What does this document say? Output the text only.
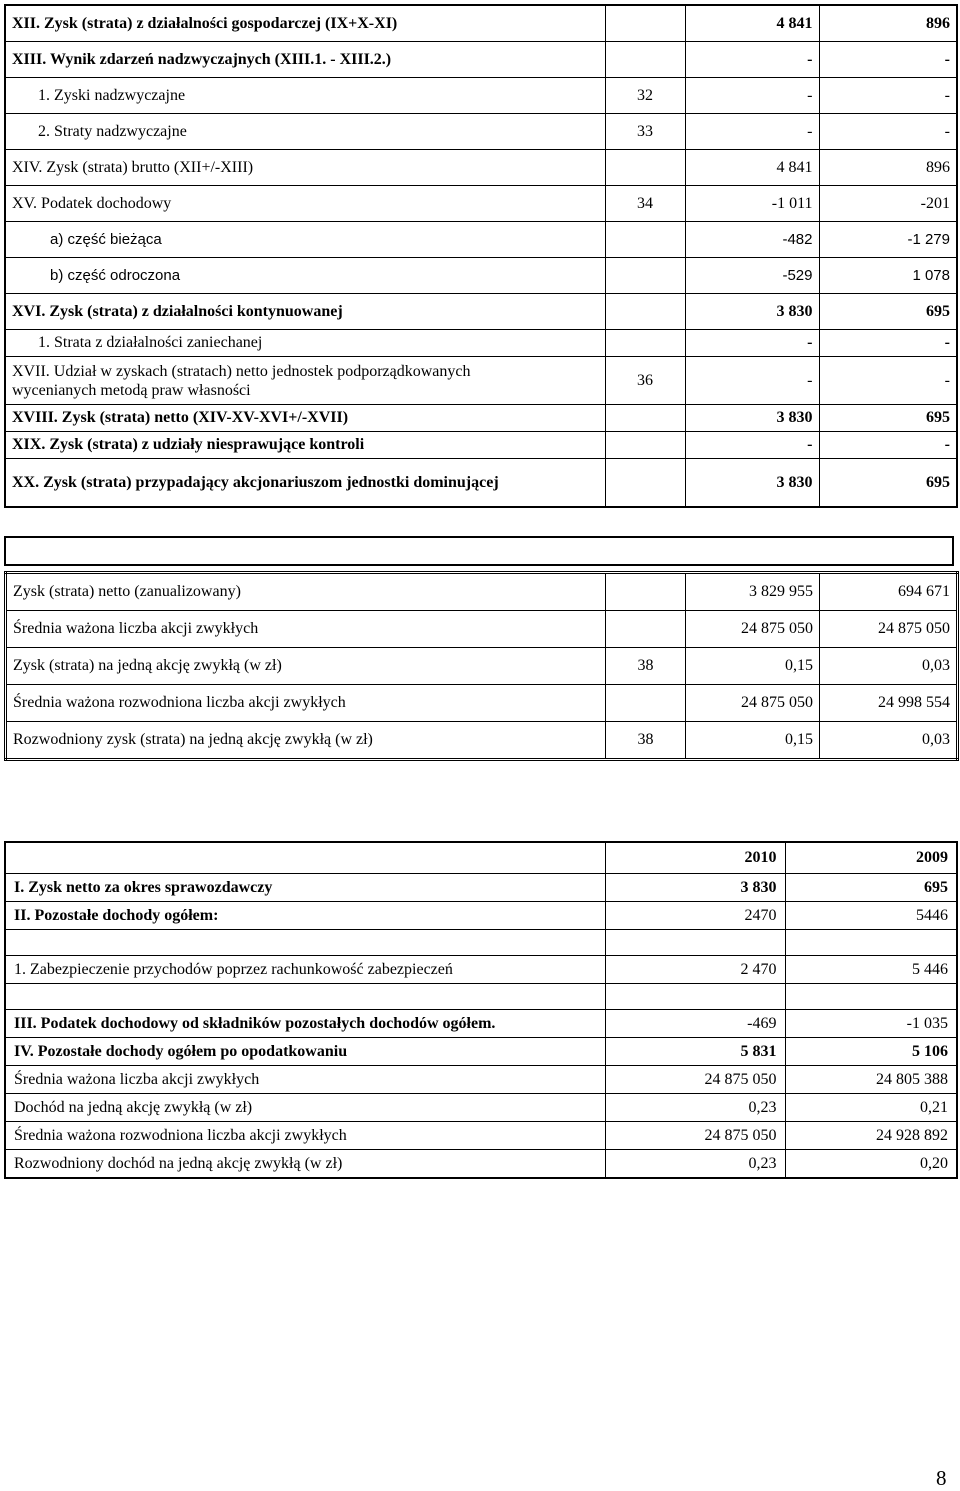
XII. Zysk (strata) z działalności gospodarczej (IX+X-XI)		4 841	896
XIII. Wynik zdarzeń nadzwyczajnych (XIII.1. - XIII.2.)		-	-
1. Zyski nadzwyczajne	32	-	-
2. Straty nadzwyczajne	33	-	-
XIV. Zysk (strata) brutto (XII+/-XIII)		4 841	896
XV. Podatek dochodowy	34	-1 011	-201
a) część bieżąca		-482	-1 279
b) część odroczona		-529	1 078
XVI. Zysk (strata) z działalności kontynuowanej		3 830	695
1. Strata z działalności zaniechanej		-	-
XVII. Udział w zyskach (stratach) netto jednostek podporządkowanych
wycenianych metodą praw własności	36	-	-
XVIII. Zysk (strata) netto (XIV-XV-XVI+/-XVII)		3 830	695
XIX. Zysk (strata) z udziały niesprawujące kontroli		-	-
XX. Zysk (strata) przypadający akcjonariuszom jednostki dominującej		3 830	695
Zysk (strata) netto (zanualizowany)		3 829 955	694 671
Średnia ważona liczba akcji zwykłych		24 875 050	24 875 050
Zysk (strata) na jedną akcję zwykłą (w zł)	38	0,15	0,03
Średnia ważona rozwodniona liczba akcji zwykłych		24 875 050	24 998 554
Rozwodniony zysk (strata) na jedną akcję zwykłą (w zł)	38	0,15	0,03
	2010	2009
I. Zysk netto za okres sprawozdawczy	3 830	695
II. Pozostałe dochody ogółem:	2470	5446

1. Zabezpieczenie przychodów poprzez rachunkowość zabezpieczeń	2 470	5 446

III. Podatek dochodowy od składników pozostałych dochodów ogółem.	-469	-1 035
IV. Pozostałe dochody ogółem po opodatkowaniu	5 831	5 106
Średnia ważona liczba akcji zwykłych	24 875 050	24 805 388
Dochód na jedną akcję zwykłą (w zł)	0,23	0,21
Średnia ważona rozwodniona liczba akcji zwykłych	24 875 050	24 928 892
Rozwodniony dochód na jedną akcję zwykłą (w zł)	0,23	0,20
8
